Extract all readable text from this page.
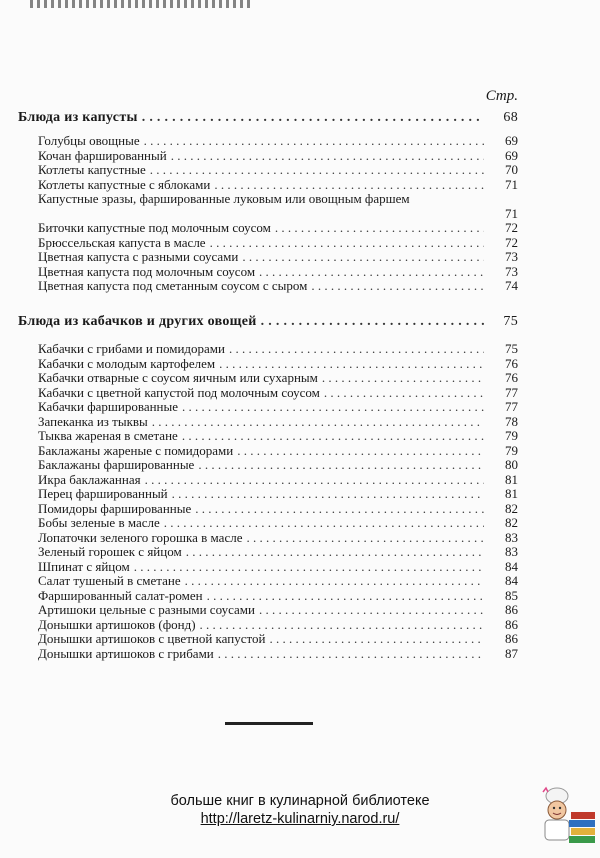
Стр.
Блюда из капусты . . .	68
Голубцы овощные . . .	69
Кочан фаршированный . . .	69
Котлеты капустные . . .	70
Котлеты капустные с яблоками . . .	71
Капустные зразы, фаршированные луковым или овощным фаршем
71
Биточки капустные под молочным соусом . . .	72
Брюссельская капуста в масле . . .	72
Цветная капуста с разными соусами . . .	73
Цветная капуста под молочным соусом . . .	73
Цветная капуста под сметанным соусом с сыром . . .	74
Блюда из кабачков и других овощей . . .	75
Кабачки с грибами и помидорами . . .	75
Кабачки с молодым картофелем . . .	76
Кабачки отварные с соусом яичным или сухарным . . .	76
Кабачки с цветной капустой под молочным соусом . . .	77
Кабачки фаршированные . . .	77
Запеканка из тыквы . . .	78
Тыква жареная в сметане . . .	79
Баклажаны жареные с помидорами . . .	79
Баклажаны фаршированные . . .	80
Икра баклажанная . . .	81
Перец фаршированный . . .	81
Помидоры фаршированные . . .	82
Бобы зеленые в масле . . .	82
Лопаточки зеленого горошка в масле . . .	83
Зеленый горошек с яйцом . . .	83
Шпинат с яйцом . . .	84
Салат тушеный в сметане . . .	84
Фаршированный салат-ромен . . .	85
Артишоки цельные с разными соусами . . .	86
Донышки артишоков (фонд) . . .	86
Донышки артишоков с цветной капустой . . .	86
Донышки артишоков с грибами . . .	87
больше книг в кулинарной библиотеке
http://laretz-kulinarniy.narod.ru/
